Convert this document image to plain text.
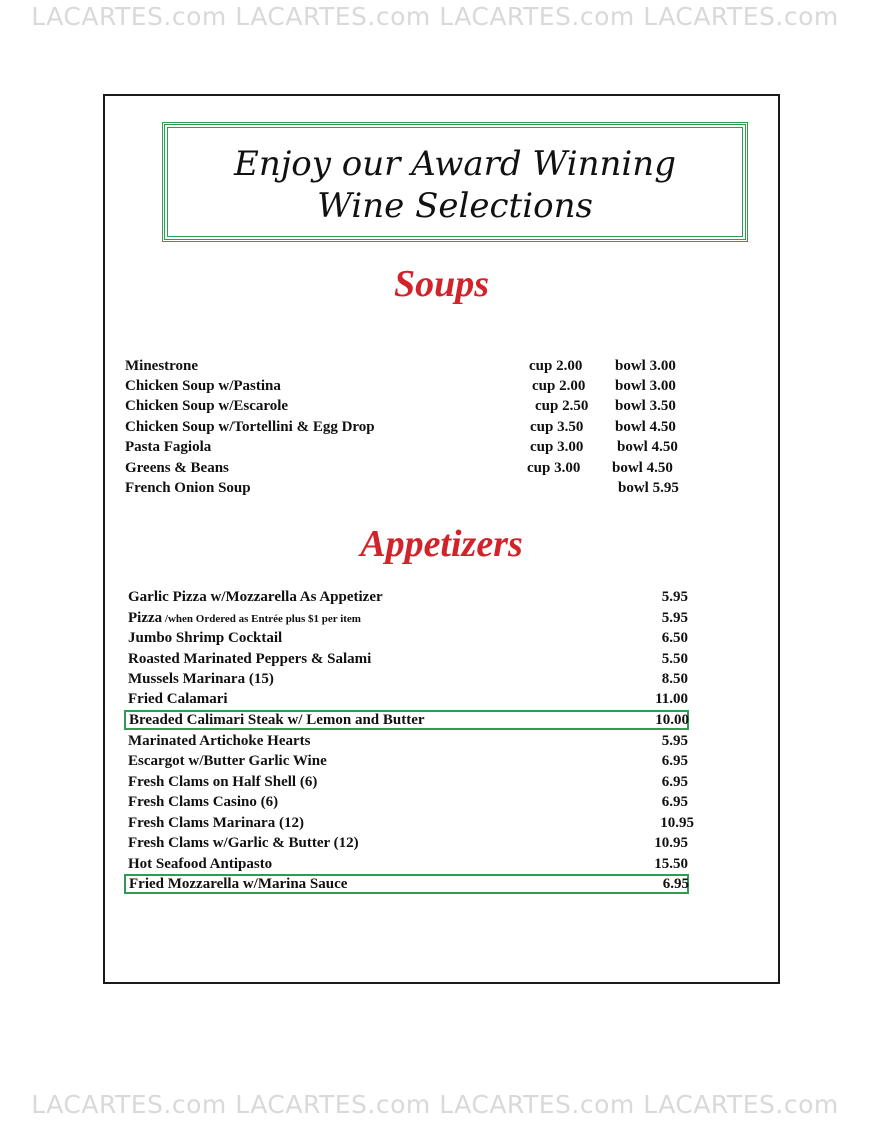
LACARTES.com LACARTES.com LACARTES.com LACARTES.com
Enjoy our Award Winning
Wine Selections
Soups
Minestrone	cup 2.00 bowl 3.00
Chicken Soup w/Pastina	cup 2.00 bowl 3.00
Chicken Soup w/Escarole	cup 2.50 bowl 3.50
Chicken Soup w/Tortellini & Egg Drop	cup 3.50 bowl 4.50
Pasta Fagiola	cup 3.00 bowl 4.50
Greens & Beans	cup 3.00 bowl 4.50
French Onion Soup	bowl 5.95
Appetizers
Garlic Pizza w/Mozzarella As Appetizer	5.95
Pizza /when Ordered as Entrée plus $1 per item	5.95
Jumbo Shrimp Cocktail	6.50
Roasted Marinated Peppers & Salami	5.50
Mussels Marinara (15)	8.50
Fried Calamari	11.00
Breaded Calimari Steak w/ Lemon and Butter	10.00
Marinated Artichoke Hearts	5.95
Escargot w/Butter Garlic Wine	6.95
Fresh Clams on Half Shell (6)	6.95
Fresh Clams Casino (6)	6.95
Fresh Clams Marinara (12)	10.95
Fresh Clams w/Garlic & Butter (12)	10.95
Hot Seafood Antipasto	15.50
Fried Mozzarella w/Marina Sauce	6.95
LACARTES.com LACARTES.com LACARTES.com LACARTES.com
